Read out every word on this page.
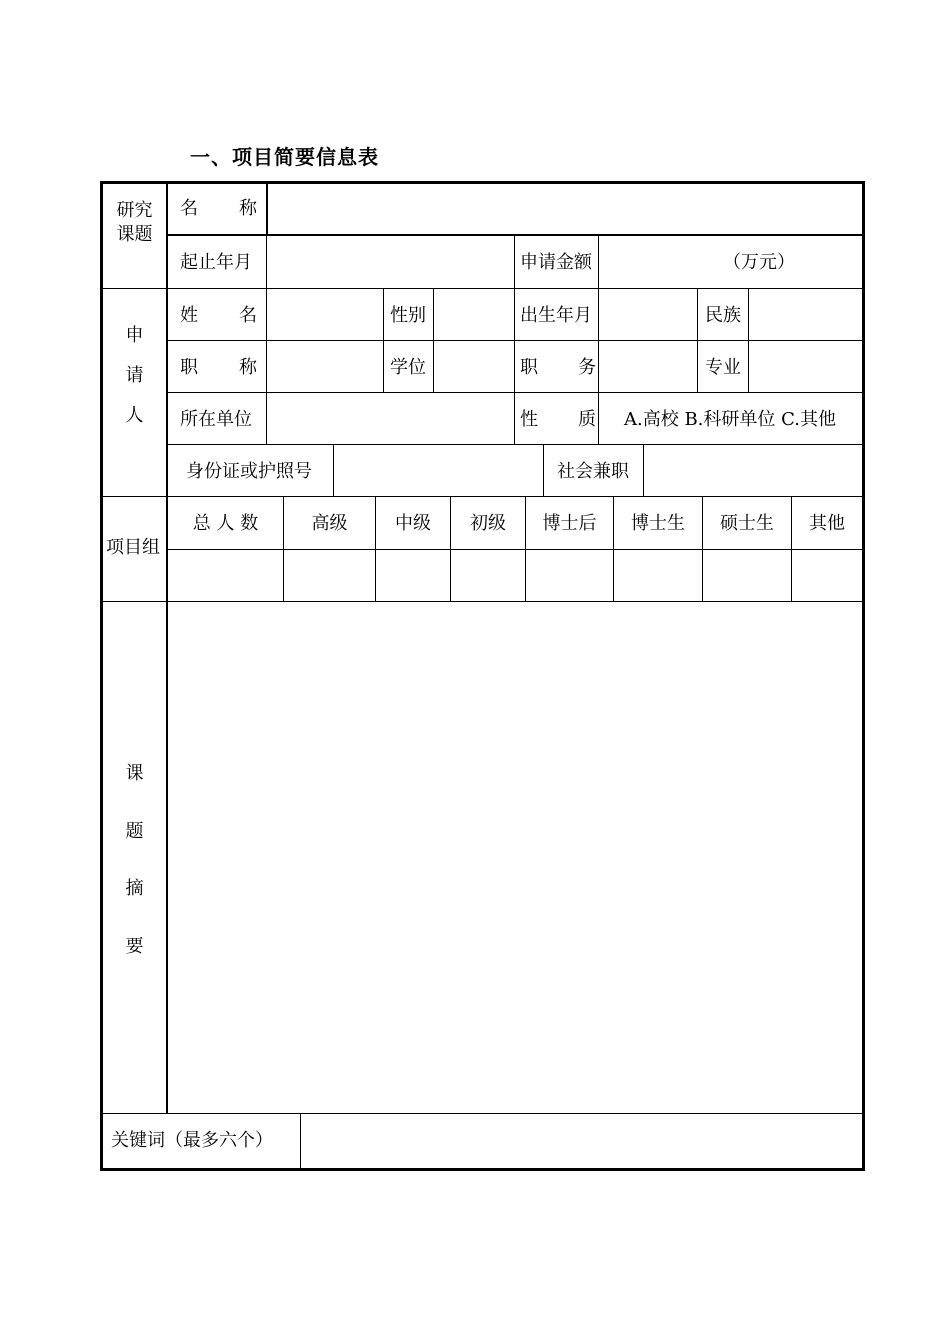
一、项目简要信息表
研究
课题
名 称
起止年月	申请金额	（万元）
申
请
人
姓 名	性别	出生年月	民族
职 称	学位	职 务	专业
所在单位	性 质 A.高校 B.科研单位 C.其他
身份证或护照号	社会兼职
项目组
总 人 数	高级	中级	初级	博士后	博士生	硕士生	其他
课
题
摘
要
关键词（最多六个）
